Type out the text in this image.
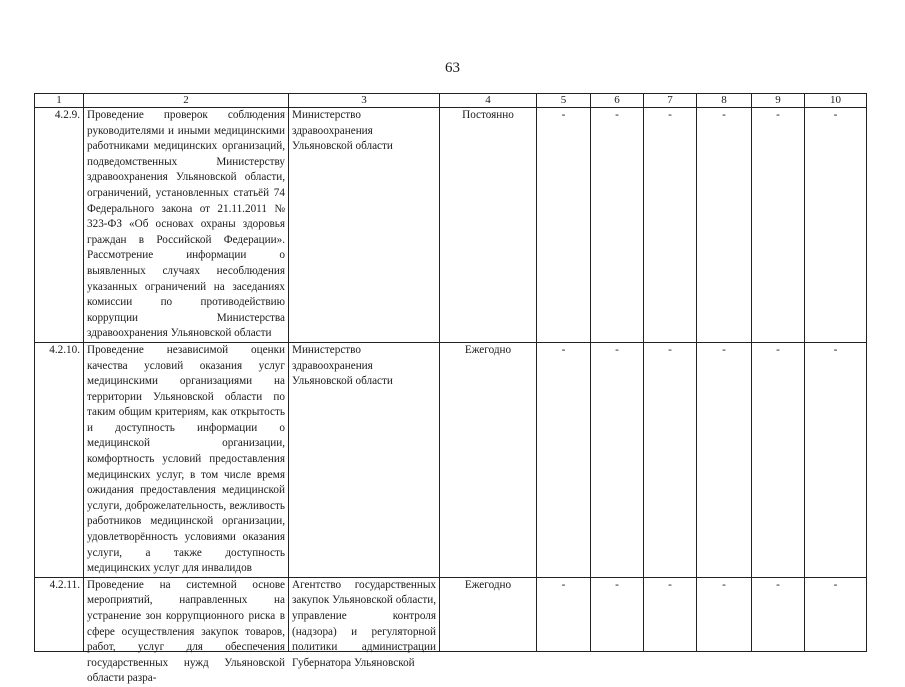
63
1	2	3	4	5	6	7	8	9	10
4.2.9.	Проведение проверок соблюдения руководителями и иными медицинскими работниками медицинских организаций, подведомственных Министерству здравоохранения Ульяновской области, ограничений, установленных статьёй 74 Федерального закона от 21.11.2011 № 323-ФЗ «Об основах охраны здоровья граждан в Российской Федерации». Рассмотрение информации о выявленных случаях несоблюдения указанных ограничений на заседаниях комиссии по противодействию коррупции Министерства здравоохранения Ульяновской области	Министерство здравоохранения Ульяновской области	Постоянно	-	-	-	-	-	-
4.2.10.	Проведение независимой оценки качества условий оказания услуг медицинскими организациями на территории Ульяновской области по таким общим критериям, как открытость и доступность информации о медицинской организации, комфортность условий предоставления медицинских услуг, в том числе время ожидания предоставления медицинской услуги, доброжелательность, вежливость работников медицинской организации, удовлетворённость условиями оказания услуги, а также доступность медицинских услуг для инвалидов	Министерство здравоохранения Ульяновской области	Ежегодно	-	-	-	-	-	-
4.2.11.	Проведение на системной основе мероприятий, направленных на устранение зон коррупционного риска в сфере осуществления закупок товаров, работ, услуг для обеспечения государственных нужд Ульяновской области разра-	Агентство государственных закупок Ульяновской области, управление контроля (надзора) и регуляторной политики администрации Губернатора Ульяновской	Ежегодно	-	-	-	-	-	-
